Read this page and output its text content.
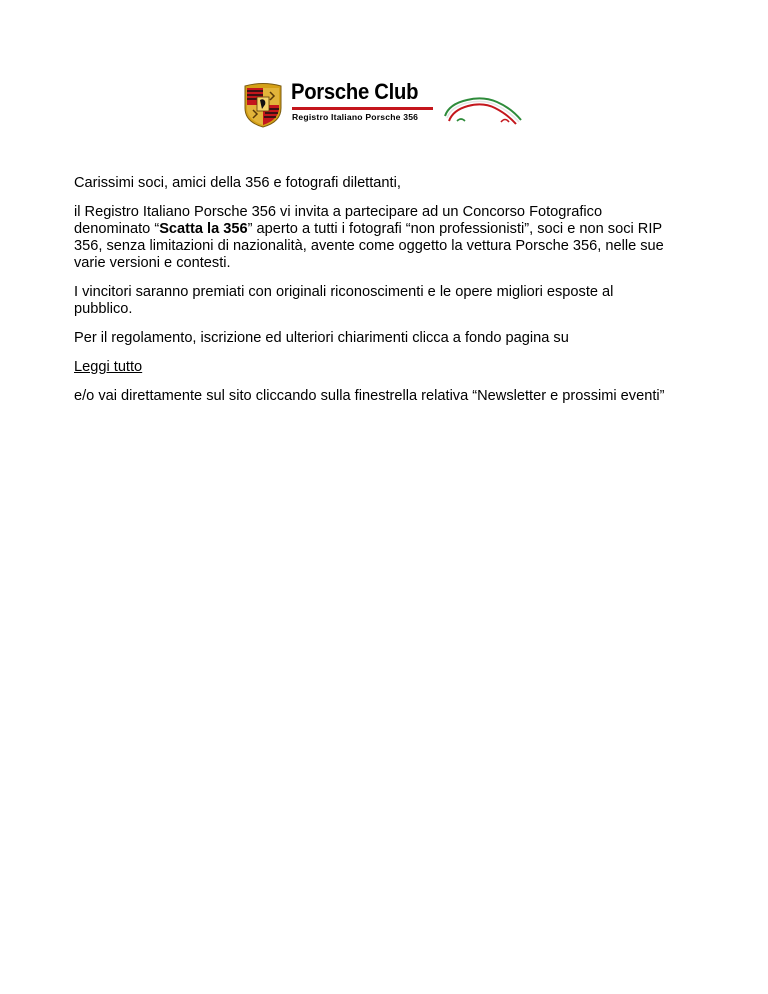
Porsche Club
Registro Italiano Porsche 356

Carissimi soci, amici della 356 e fotografi dilettanti,

il Registro Italiano Porsche 356 vi invita a partecipare ad un Concorso Fotografico denominato “Scatta la 356” aperto a tutti i fotografi “non professionisti”, soci e non soci RIP 356, senza limitazioni di nazionalità, avente come oggetto la vettura Porsche 356, nelle sue varie versioni e contesti.

I vincitori saranno premiati con originali riconoscimenti e le opere migliori esposte al pubblico.

Per il regolamento, iscrizione ed ulteriori chiarimenti clicca a fondo pagina su

Leggi tutto

e/o vai direttamente sul sito cliccando sulla finestrella relativa “Newsletter e prossimi eventi”
